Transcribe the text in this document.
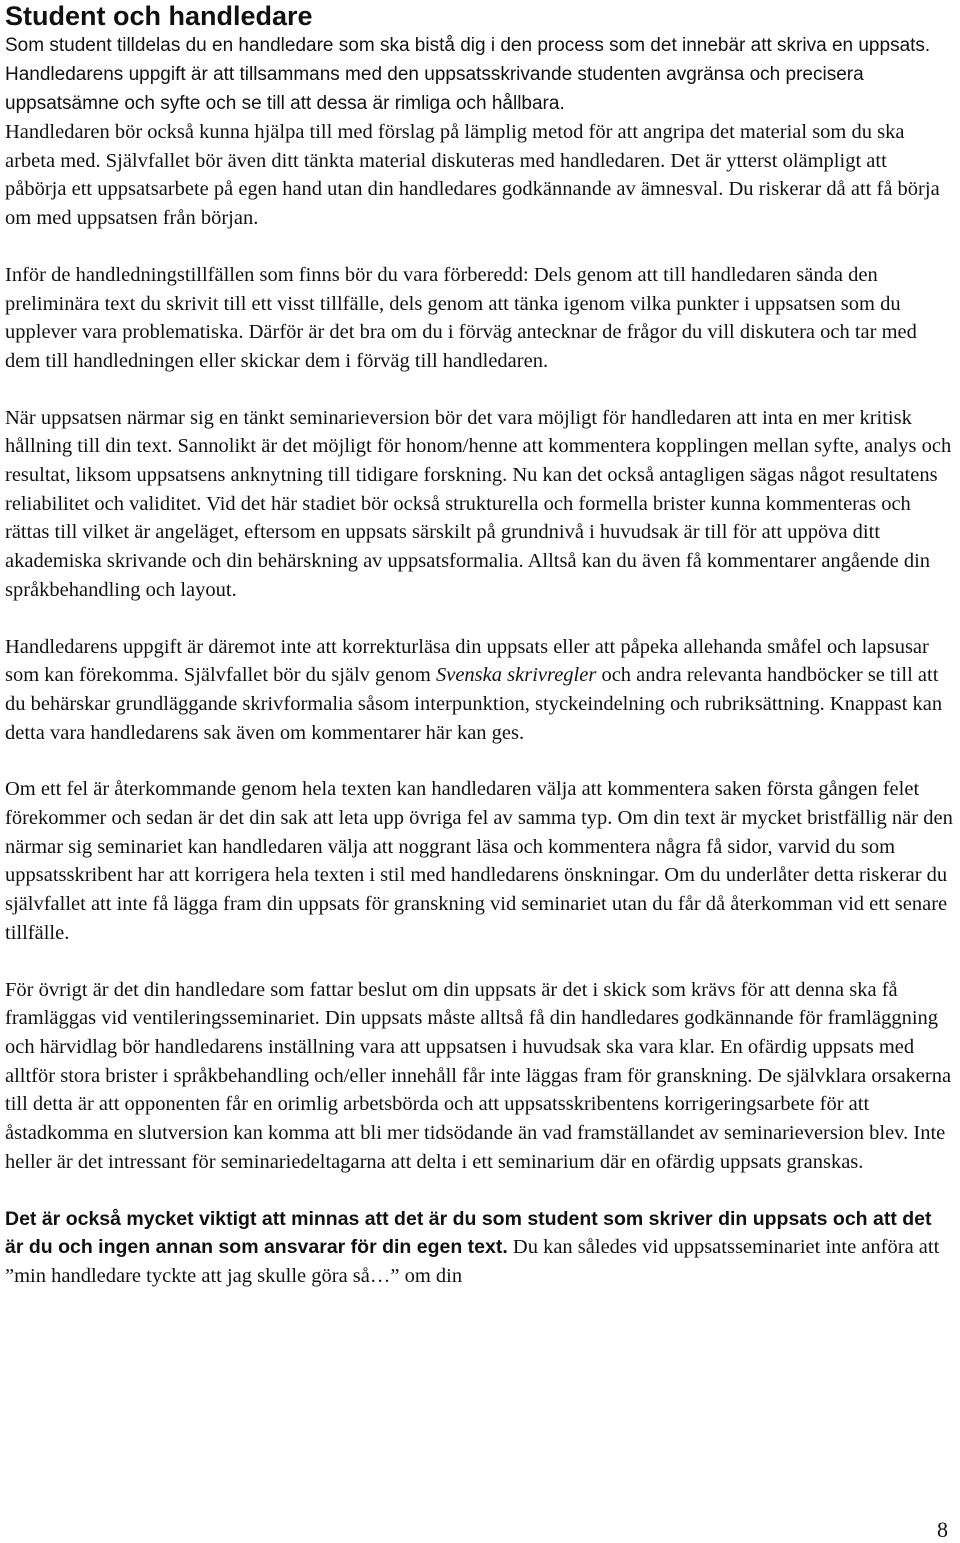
Student och handledare

Som student tilldelas du en handledare som ska bistå dig i den process som det innebär att skriva en uppsats. Handledarens uppgift är att tillsammans med den uppsatsskrivande studenten avgränsa och precisera uppsatsämne och syfte och se till att dessa är rimliga och hållbara.

Handledaren bör också kunna hjälpa till med förslag på lämplig metod för att angripa det material som du ska arbeta med. Självfallet bör även ditt tänkta material diskuteras med handledaren. Det är ytterst olämpligt att påbörja ett uppsatsarbete på egen hand utan din handledares godkännande av ämnesval. Du riskerar då att få börja om med uppsatsen från början.

Inför de handledningstillfällen som finns bör du vara förberedd: Dels genom att till handledaren sända den preliminära text du skrivit till ett visst tillfälle, dels genom att tänka igenom vilka punkter i uppsatsen som du upplever vara problematiska. Därför är det bra om du i förväg antecknar de frågor du vill diskutera och tar med dem till handledningen eller skickar dem i förväg till handledaren.

När uppsatsen närmar sig en tänkt seminarieversion bör det vara möjligt för handledaren att inta en mer kritisk hållning till din text. Sannolikt är det möjligt för honom/henne att kommentera kopplingen mellan syfte, analys och resultat, liksom uppsatsens anknytning till tidigare forskning. Nu kan det också antagligen sägas något resultatens reliabilitet och validitet. Vid det här stadiet bör också strukturella och formella brister kunna kommenteras och rättas till vilket är angeläget, eftersom en uppsats särskilt på grundnivå i huvudsak är till för att uppöva ditt akademiska skrivande och din behärskning av uppsatsformalia. Alltså kan du även få kommentarer angående din språkbehandling och layout.

Handledarens uppgift är däremot inte att korrekturläsa din uppsats eller att påpeka allehanda småfel och lapsusar som kan förekomma. Självfallet bör du själv genom Svenska skrivregler och andra relevanta handböcker se till att du behärskar grundläggande skrivformalia såsom interpunktion, styckeindelning och rubriksättning. Knappast kan detta vara handledarens sak även om kommentarer här kan ges.

Om ett fel är återkommande genom hela texten kan handledaren välja att kommentera saken första gången felet förekommer och sedan är det din sak att leta upp övriga fel av samma typ. Om din text är mycket bristfällig när den närmar sig seminariet kan handledaren välja att noggrant läsa och kommentera några få sidor, varvid du som uppsatsskribent har att korrigera hela texten i stil med handledarens önskningar. Om du underlåter detta riskerar du självfallet att inte få lägga fram din uppsats för granskning vid seminariet utan du får då återkomman vid ett senare tillfälle.

För övrigt är det din handledare som fattar beslut om din uppsats är det i skick som krävs för att denna ska få framläggas vid ventileringsseminariet. Din uppsats måste alltså få din handledares godkännande för framläggning och härvidlag bör handledarens inställning vara att uppsatsen i huvudsak ska vara klar. En ofärdig uppsats med alltför stora brister i språkbehandling och/eller innehåll får inte läggas fram för granskning. De självklara orsakerna till detta är att opponenten får en orimlig arbetsbörda och att uppsatsskribentens korrigeringsarbete för att åstadkomma en slutversion kan komma att bli mer tidsödande än vad framställandet av seminarieversion blev. Inte heller är det intressant för seminariedeltagarna att delta i ett seminarium där en ofärdig uppsats granskas.

Det är också mycket viktigt att minnas att det är du som student som skriver din uppsats och att det är du och ingen annan som ansvarar för din egen text. Du kan således vid uppsatsseminariet inte anföra att ”min handledare tyckte att jag skulle göra så…” om din

8
